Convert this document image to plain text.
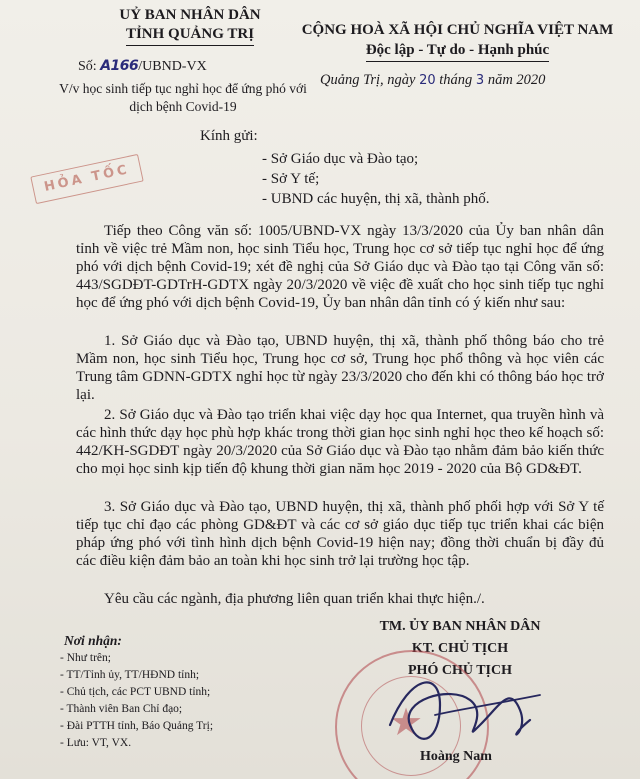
UỶ BAN NHÂN DÂN
TỈNH QUẢNG TRỊ	CỘNG HOÀ XÃ HỘI CHỦ NGHĨA VIỆT NAM
Độc lập - Tự do - Hạnh phúc
Số: A166/UBND-VX
V/v học sinh tiếp tục nghỉ học để ứng phó với dịch bệnh Covid-19
Quảng Trị, ngày 20 tháng 3 năm 2020
Kính gửi:
- Sở Giáo dục và Đào tạo;
- Sở Y tế;
- UBND các huyện, thị xã, thành phố.
HỎA TỐC
Tiếp theo Công văn số: 1005/UBND-VX ngày 13/3/2020 của Ủy ban nhân dân tỉnh về việc trẻ Mầm non, học sinh Tiểu học, Trung học cơ sở tiếp tục nghỉ học để ứng phó với dịch bệnh Covid-19; xét đề nghị của Sở Giáo dục và Đào tạo tại Công văn số: 443/SGDĐT-GDTrH-GDTX ngày 20/3/2020 về việc đề xuất cho học sinh tiếp tục nghỉ học để ứng phó với dịch bệnh Covid-19, Ủy ban nhân dân tỉnh có ý kiến như sau:
1. Sở Giáo dục và Đào tạo, UBND huyện, thị xã, thành phố thông báo cho trẻ Mầm non, học sinh Tiểu học, Trung học cơ sở, Trung học phổ thông và học viên các Trung tâm GDNN-GDTX nghỉ học từ ngày 23/3/2020 cho đến khi có thông báo học trở lại.
2. Sở Giáo dục và Đào tạo triển khai việc dạy học qua Internet, qua truyền hình và các hình thức dạy học phù hợp khác trong thời gian học sinh nghỉ học theo kế hoạch số: 442/KH-SGDĐT ngày 20/3/2020 của Sở Giáo dục và Đào tạo nhằm đảm bảo kiến thức cho mọi học sinh kịp tiến độ khung thời gian năm học 2019 - 2020 của Bộ GD&ĐT.
3. Sở Giáo dục và Đào tạo, UBND huyện, thị xã, thành phố phối hợp với Sở Y tế tiếp tục chỉ đạo các phòng GD&ĐT và các cơ sở giáo dục tiếp tục triển khai các biện pháp ứng phó với tình hình dịch bệnh Covid-19 hiện nay; đồng thời chuẩn bị đầy đủ các điều kiện đảm bảo an toàn khi học sinh trở lại trường học tập.
Yêu cầu các ngành, địa phương liên quan triển khai thực hiện./.
TM. ỦY BAN NHÂN DÂN
KT. CHỦ TỊCH
PHÓ CHỦ TỊCH
★
Hoàng Nam
Nơi nhận:
- Như trên;
- TT/Tỉnh ủy, TT/HĐND tỉnh;
- Chủ tịch, các PCT UBND tỉnh;
- Thành viên Ban Chỉ đạo;
- Đài PTTH tỉnh, Báo Quảng Trị;
- Lưu: VT, VX.
